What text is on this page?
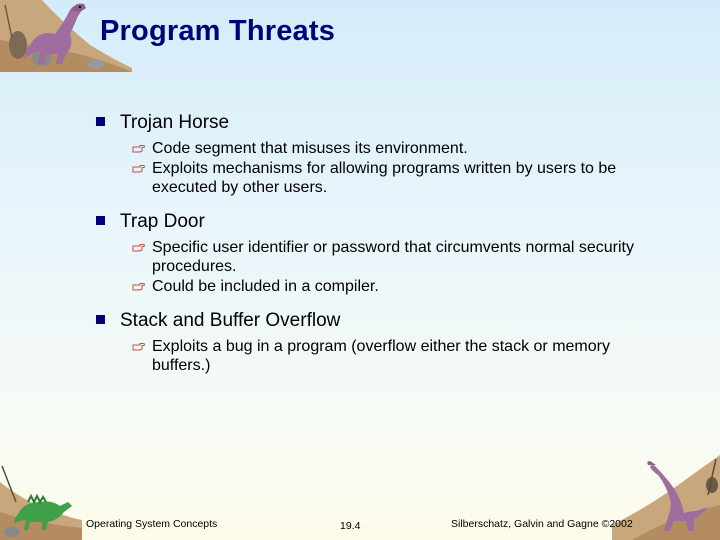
Program Threats
Trojan Horse
Code segment that misuses its environment.
Exploits mechanisms for allowing programs written by users to be executed by other users.
Trap Door
Specific user identifier or password that circumvents normal security procedures.
Could be included in a compiler.
Stack and Buffer Overflow
Exploits a bug in a program (overflow either the stack or memory buffers.)
Operating System Concepts	19.4	Silberschatz, Galvin and Gagne ©2002
